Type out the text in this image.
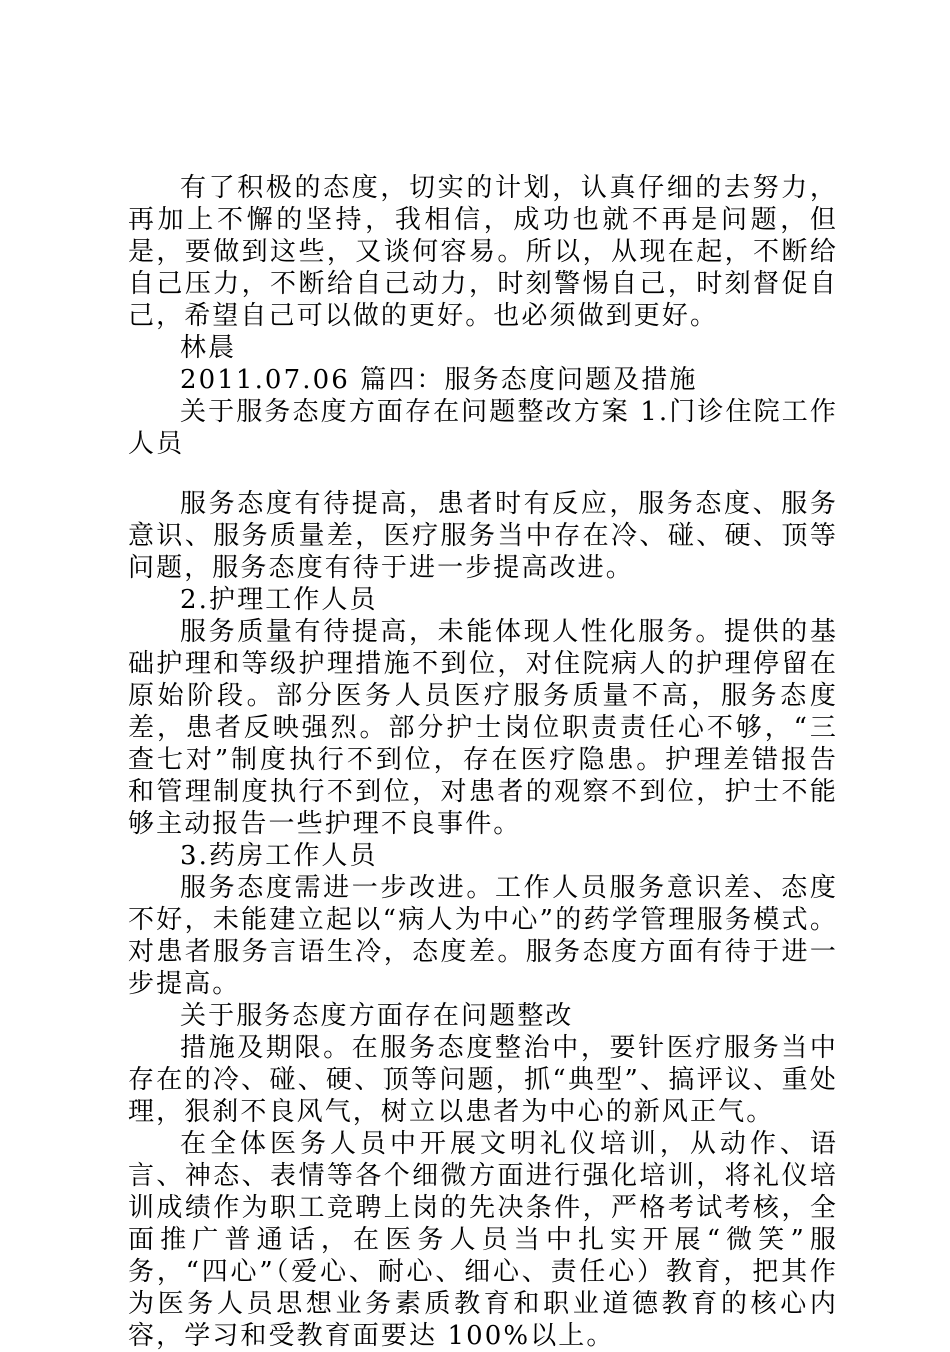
有了积极的态度，切实的计划，认真仔细的去努力，再加上不懈的坚持，我相信，成功也就不再是问题，但是，要做到这些，又谈何容易。所以，从现在起，不断给自己压力，不断给自己动力，时刻警惕自己，时刻督促自己，希望自己可以做的更好。也必须做到更好。

林晨

2011.07.06 篇四：服务态度问题及措施

关于服务态度方面存在问题整改方案 1.门诊住院工作人员

服务态度有待提高，患者时有反应，服务态度、服务意识、服务质量差，医疗服务当中存在冷、碰、硬、顶等问题，服务态度有待于进一步提高改进。

2.护理工作人员

服务质量有待提高，未能体现人性化服务。提供的基础护理和等级护理措施不到位，对住院病人的护理停留在原始阶段。部分医务人员医疗服务质量不高，服务态度差，患者反映强烈。部分护士岗位职责责任心不够，“三查七对”制度执行不到位，存在医疗隐患。护理差错报告和管理制度执行不到位，对患者的观察不到位，护士不能够主动报告一些护理不良事件。

3.药房工作人员

服务态度需进一步改进。工作人员服务意识差、态度不好，未能建立起以“病人为中心”的药学管理服务模式。对患者服务言语生冷，态度差。服务态度方面有待于进一步提高。

关于服务态度方面存在问题整改

措施及期限。在服务态度整治中，要针医疗服务当中存在的冷、碰、硬、顶等问题，抓“典型”、搞评议、重处理，狠刹不良风气，树立以患者为中心的新风正气。

在全体医务人员中开展文明礼仪培训，从动作、语言、神态、表情等各个细微方面进行强化培训，将礼仪培训成绩作为职工竞聘上岗的先决条件，严格考试考核，全面推广普通话，在医务人员当中扎实开展“微笑”服务，“四心”（爱心、耐心、细心、责任心）教育，把其作为医务人员思想业务素质教育和职业道德教育的核心内容，学习和受教育面要达 100%以上。
